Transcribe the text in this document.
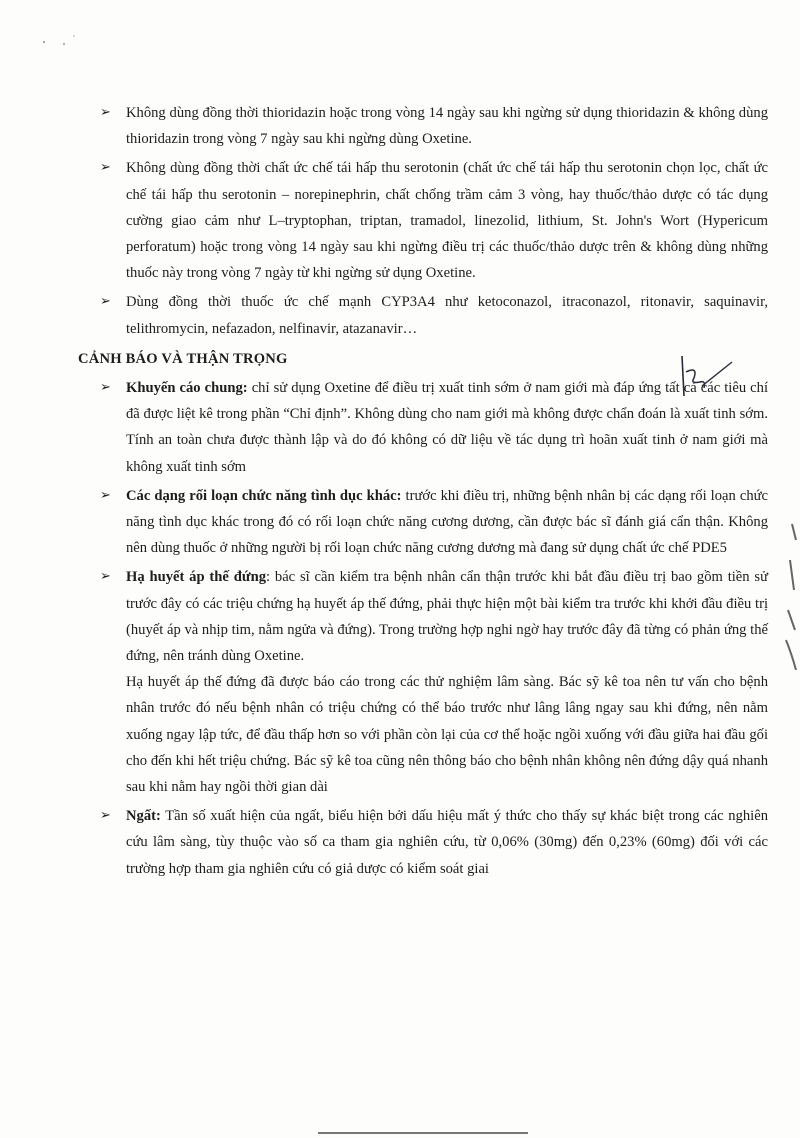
➢	Không dùng đồng thời thioridazin hoặc trong vòng 14 ngày sau khi ngừng sử dụng thioridazin & không dùng thioridazin trong vòng 7 ngày sau khi ngừng dùng Oxetine.

➢	Không dùng đồng thời chất ức chế tái hấp thu serotonin (chất ức chế tái hấp thu serotonin chọn lọc, chất ức chế tái hấp thu serotonin – norepinephrin, chất chống trầm cảm 3 vòng, hay thuốc/thảo dược có tác dụng cường giao cảm như L–tryptophan, triptan, tramadol, linezolid, lithium, St. John's Wort (Hypericum perforatum) hoặc trong vòng 14 ngày sau khi ngừng điều trị các thuốc/thảo dược trên & không dùng những thuốc này trong vòng 7 ngày từ khi ngừng sử dụng Oxetine.

➢	Dùng đồng thời thuốc ức chế mạnh CYP3A4 như ketoconazol, itraconazol, ritonavir, saquinavir, telithromycin, nefazadon, nelfinavir, atazanavir…

CẢNH BÁO VÀ THẬN TRỌNG
➢	Khuyến cáo chung: chỉ sử dụng Oxetine để điều trị xuất tinh sớm ở nam giới mà đáp ứng tất cả các tiêu chí đã được liệt kê trong phần “Chỉ định”. Không dùng cho nam giới mà không được chẩn đoán là xuất tinh sớm. Tính an toàn chưa được thành lập và do đó không có dữ liệu về tác dụng trì hoãn xuất tinh ở nam giới mà không xuất tinh sớm

➢	Các dạng rối loạn chức năng tình dục khác: trước khi điều trị, những bệnh nhân bị các dạng rối loạn chức năng tình dục khác trong đó có rối loạn chức năng cương dương, cần được bác sĩ đánh giá cẩn thận. Không nên dùng thuốc ở những người bị rối loạn chức năng cương dương mà đang sử dụng chất ức chế PDE5

➢	Hạ huyết áp thế đứng: bác sĩ cần kiểm tra bệnh nhân cẩn thận trước khi bắt đầu điều trị bao gồm tiền sử trước đây có các triệu chứng hạ huyết áp thế đứng, phải thực hiện một bài kiểm tra trước khi khởi đầu điều trị (huyết áp và nhịp tim, nằm ngửa và đứng). Trong trường hợp nghi ngờ hay trước đây đã từng có phản ứng thế đứng, nên tránh dùng Oxetine.

Hạ huyết áp thế đứng đã được báo cáo trong các thử nghiệm lâm sàng. Bác sỹ kê toa nên tư vấn cho bệnh nhân trước đó nếu bệnh nhân có triệu chứng có thể báo trước như lâng lâng ngay sau khi đứng, nên nằm xuống ngay lập tức, để đầu thấp hơn so với phần còn lại của cơ thể hoặc ngồi xuống với đầu giữa hai đầu gối cho đến khi hết triệu chứng. Bác sỹ kê toa cũng nên thông báo cho bệnh nhân không nên đứng dậy quá nhanh sau khi nằm hay ngồi thời gian dài

➢	Ngất: Tần số xuất hiện của ngất, biểu hiện bởi dấu hiệu mất ý thức cho thấy sự khác biệt trong các nghiên cứu lâm sàng, tùy thuộc vào số ca tham gia nghiên cứu, từ 0,06% (30mg) đến 0,23% (60mg) đối với các trường hợp tham gia nghiên cứu có giả dược có kiểm soát giai
